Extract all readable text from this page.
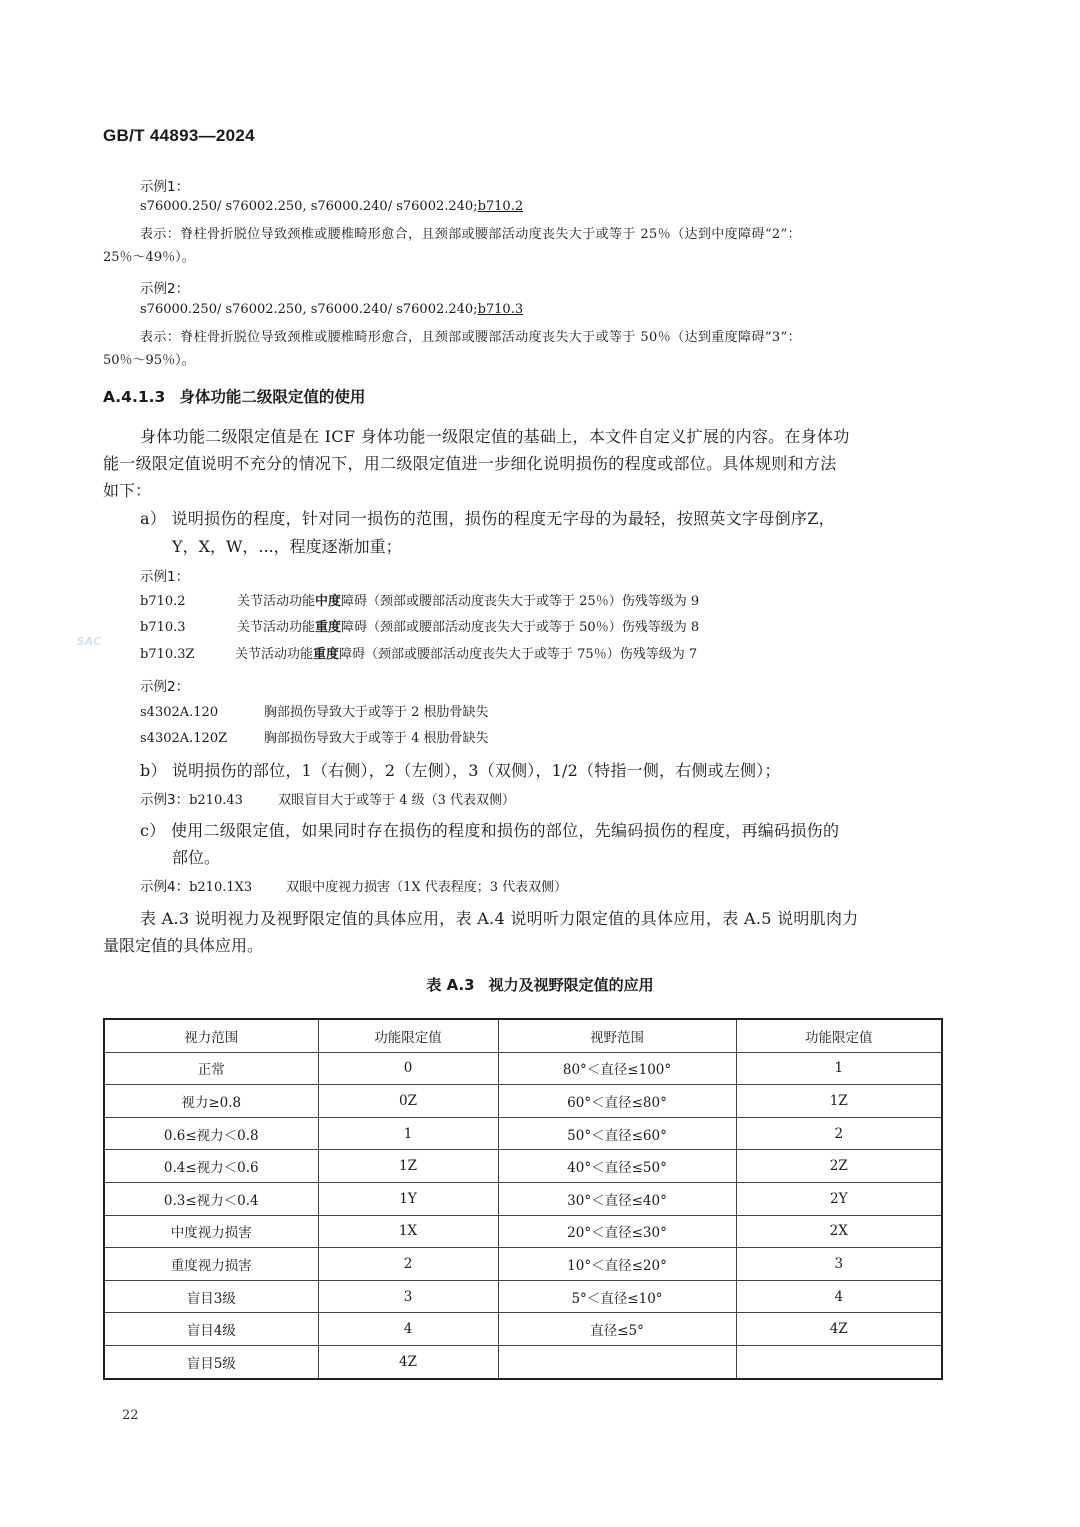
GB/T 44893—2024
SAC
示例1：
s76000.250/ s76002.250, s76000.240/ s76002.240;b710.2
表示：脊柱骨折脱位导致颈椎或腰椎畸形愈合，且颈部或腰部活动度丧失大于或等于 25％（达到中度障碍“2”：
25％～49％）。
示例2：
s76000.250/ s76002.250, s76000.240/ s76002.240;b710.3
表示：脊柱骨折脱位导致颈椎或腰椎畸形愈合，且颈部或腰部活动度丧失大于或等于 50％（达到重度障碍“3”：
50％～95％）。
A.4.1.3 身体功能二级限定值的使用
身体功能二级限定值是在 ICF 身体功能一级限定值的基础上，本文件自定义扩展的内容。在身体功
能一级限定值说明不充分的情况下，用二级限定值进一步细化说明损伤的程度或部位。具体规则和方法
如下：
a） 说明损伤的程度，针对同一损伤的范围，损伤的程度无字母的为最轻，按照英文字母倒序Z，
Y，X，W，...，程度逐渐加重；
示例1：
b710.2	关节活动功能中度障碍（颈部或腰部活动度丧失大于或等于 25％）伤残等级为 9
b710.3	关节活动功能重度障碍（颈部或腰部活动度丧失大于或等于 50％）伤残等级为 8
b710.3Z	关节活动功能重度障碍（颈部或腰部活动度丧失大于或等于 75％）伤残等级为 7
示例2：
s4302A.120	胸部损伤导致大于或等于 2 根肋骨缺失
s4302A.120Z	胸部损伤导致大于或等于 4 根肋骨缺失
b） 说明损伤的部位，1（右侧），2（左侧），3（双侧），1/2（特指一侧，右侧或左侧）；
示例3：b210.43	双眼盲目大于或等于 4 级（3 代表双侧）
c） 使用二级限定值，如果同时存在损伤的程度和损伤的部位，先编码损伤的程度，再编码损伤的
部位。
示例4：b210.1X3	双眼中度视力损害（1X 代表程度；3 代表双侧）
表 A.3 说明视力及视野限定值的具体应用，表 A.4 说明听力限定值的具体应用，表 A.5 说明肌肉力
量限定值的具体应用。
表 A.3 视力及视野限定值的应用
视力范围	功能限定值	视野范围	功能限定值
正常	0	80°＜直径≤100°	1
视力≥0.8	0Z	60°＜直径≤80°	1Z
0.6≤视力＜0.8	1	50°＜直径≤60°	2
0.4≤视力＜0.6	1Z	40°＜直径≤50°	2Z
0.3≤视力＜0.4	1Y	30°＜直径≤40°	2Y
中度视力损害	1X	20°＜直径≤30°	2X
重度视力损害	2	10°＜直径≤20°	3
盲目3级	3	5°＜直径≤10°	4
盲目4级	4	直径≤5°	4Z
盲目5级	4Z		
22
